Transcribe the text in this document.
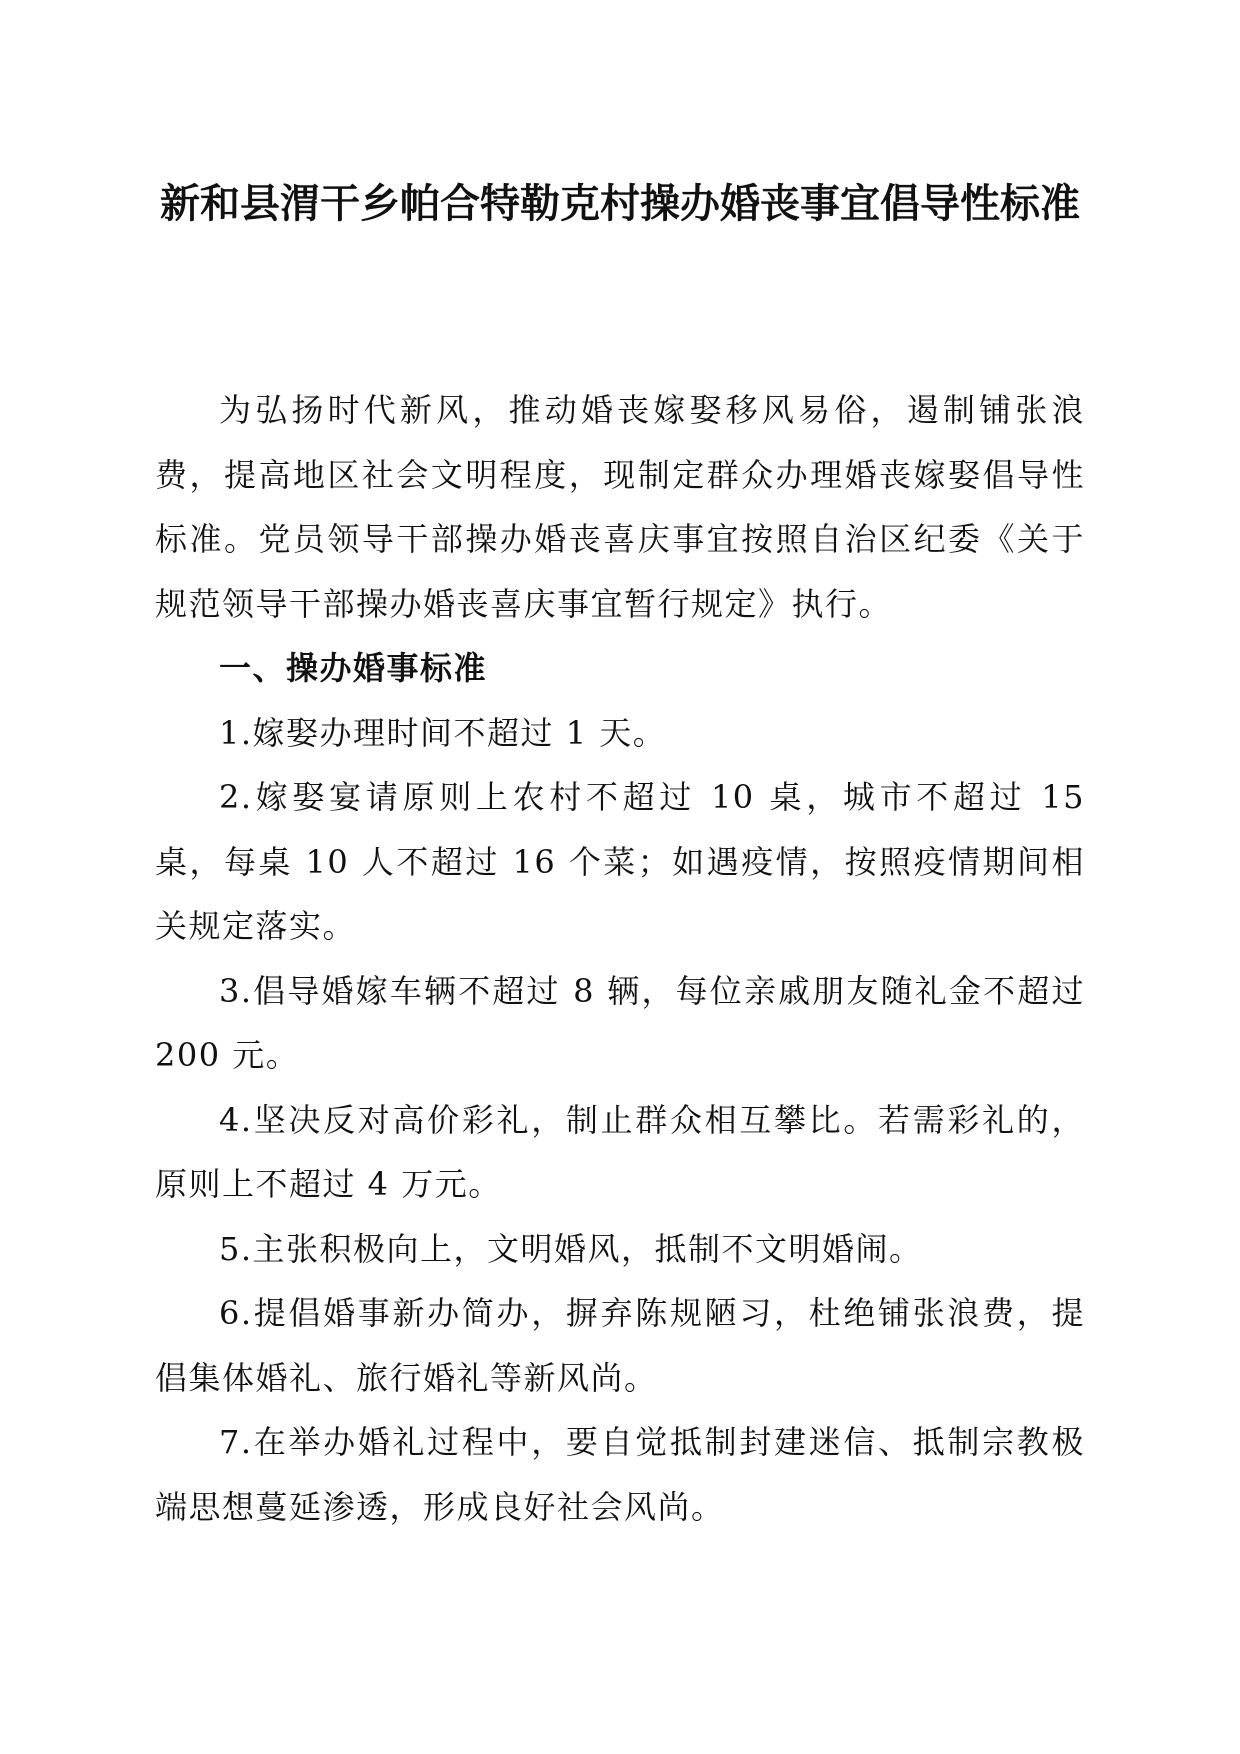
新和县渭干乡帕合特勒克村操办婚丧事宜倡导性标准

为弘扬时代新风，推动婚丧嫁娶移风易俗，遏制铺张浪费，提高地区社会文明程度，现制定群众办理婚丧嫁娶倡导性标准。党员领导干部操办婚丧喜庆事宜按照自治区纪委《关于规范领导干部操办婚丧喜庆事宜暂行规定》执行。

一、操办婚事标准

1.嫁娶办理时间不超过 1 天。

2.嫁娶宴请原则上农村不超过 10 桌，城市不超过 15 桌，每桌 10 人不超过 16 个菜；如遇疫情，按照疫情期间相关规定落实。

3.倡导婚嫁车辆不超过 8 辆，每位亲戚朋友随礼金不超过 200 元。

4.坚决反对高价彩礼，制止群众相互攀比。若需彩礼的，原则上不超过 4 万元。

5.主张积极向上，文明婚风，抵制不文明婚闹。

6.提倡婚事新办简办，摒弃陈规陋习，杜绝铺张浪费，提倡集体婚礼、旅行婚礼等新风尚。

7.在举办婚礼过程中，要自觉抵制封建迷信、抵制宗教极端思想蔓延渗透，形成良好社会风尚。
